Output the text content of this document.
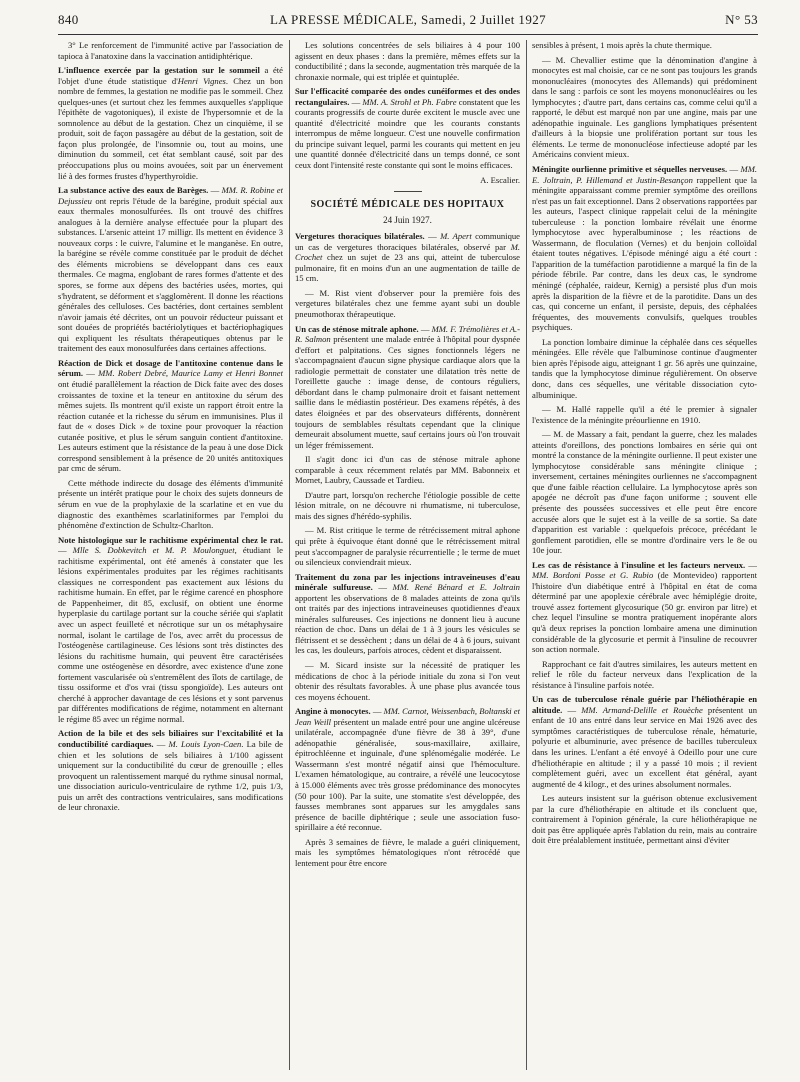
840	LA PRESSE MÉDICALE, Samedi, 2 Juillet 1927	N° 53

3° Le renforcement de l'immunité active par l'association de tapioca à l'anatoxine dans la vaccination antidiphtérique.

L'influence exercée par la gestation sur le sommeil a été l'objet d'une étude statistique d'Henri Vignes. Chez un bon nombre de femmes, la gestation ne modifie pas le sommeil. Chez quelques-unes (et surtout chez les femmes auxquelles s'applique l'épithète de vagotoniques), il existe de l'hypersomnie et de la somnolence au début de la gestation. Chez un cinquième, il se produit, soit de façon passagère au début de la gestation, soit de façon plus prolongée, de l'insomnie ou, tout au moins, une diminution du sommeil, cet état semblant causé, soit par des préoccupations plus ou moins avouées, soit par un énervement lié à des formes frustes d'hyperthyroïdie.

La substance active des eaux de Barèges. — MM. R. Robine et Dejussieu ont repris l'étude de la barégine, produit spécial aux eaux thermales monosulfurées. Ils ont trouvé des chiffres analogues à la dernière analyse effectuée pour la plupart des substances. L'arsenic atteint 17 milligr. Ils mettent en évidence 3 nouveaux corps : le cuivre, l'alumine et le manganèse. En outre, la barégine se révèle comme constituée par le produit de déchet des éléments microbiens se développant dans ces eaux thermales. Ce magma, englobant de rares formes d'attente et des spores, se forme aux dépens des bactéries usées, mortes, qui s'hydratent, se déforment et s'agglomèrent. Il donne les réactions générales des celluloses. Ces bactéries, dont certaines semblent n'avoir jamais été décrites, ont un pouvoir réducteur puissant et sont douées de propriétés bactériolytiques et bactériophagiques qui expliquent les résultats thérapeutiques obtenus par le traitement des eaux monosulfurées dans certaines affections.

Réaction de Dick et dosage de l'antitoxine contenue dans le sérum. — MM. Robert Debré, Maurice Lamy et Henri Bonnet ont étudié parallèlement la réaction de Dick faite avec des doses croissantes de toxine et la teneur en antitoxine du sérum des mêmes sujets. Ils montrent qu'il existe un rapport étroit entre la réaction cutanée et la richesse du sérum en immunisines. Plus il faut de « doses Dick » de toxine pour provoquer la réaction cutanée positive, et plus le sérum sanguin contient d'antitoxine. Les auteurs estiment que la résistance de la peau à une dose Dick correspond sensiblement à la présence de 20 unités antitoxiques par cmc de sérum.

Cette méthode indirecte du dosage des éléments d'immunité présente un intérêt pratique pour le choix des sujets donneurs de sérum en vue de la prophylaxie de la scarlatine et en vue du diagnostic des exanthèmes scarlatiniformes par l'emploi du phénomène d'extinction de Schultz-Charlton.

Note histologique sur le rachitisme expérimental chez le rat. — Mlle S. Dobkevitch et M. P. Moulonguet, étudiant le rachitisme expérimental, ont été amenés à constater que les lésions expérimentales produites par les régimes rachitisants classiques ne correspondent pas exactement aux lésions du rachitisme humain. En effet, par le régime carencé en phosphore de Pappenheimer, dit 85, exclusif, on obtient une énorme hyperplasie du cartilage portant sur la couche sériée qui s'aplatit avec un aspect feuilleté et nécrotique sur un os métaphysaire normal, isolant le cartilage de l'os, avec arrêt du processus de l'ostéogenèse cartilagineuse. Ces lésions sont très distinctes des lésions du rachitisme humain, qui peuvent être caractérisées comme une ostéogenèse en désordre, avec existence d'une zone fortement vascularisée où s'entremêlent des îlots de cartilage, de tissu ossiforme et d'os vrai (tissu spongioïde). Les auteurs ont cherché à approcher davantage de ces lésions et y sont parvenus par différentes modifications de régime, notamment en alternant le régime 85 avec un régime normal.

Action de la bile et des sels biliaires sur l'excitabilité et la conductibilité cardiaques. — M. Louis Lyon-Caen. La bile de chien et les solutions de sels biliaires à 1/100 agissent uniquement sur la conductibilité du cœur de grenouille ; elles provoquent un ralentissement marqué du rythme sinusal normal, une dissociation auriculo-ventriculaire de rythme 1/2, puis 1/3, puis un arrêt des contractions ventriculaires, sans modifications de leur chronaxie.

Les solutions concentrées de sels biliaires à 4 pour 100 agissent en deux phases : dans la première, mêmes effets sur la conductibilité ; dans la seconde, augmentation très marquée de la chronaxie normale, qui est triplée et quintuplée.

Sur l'efficacité comparée des ondes cunéiformes et des ondes rectangulaires. — MM. A. Strohl et Ph. Fabre constatent que les courants progressifs de courte durée excitent le muscle avec une quantité d'électricité moindre que les courants constants interrompus de même longueur. C'est une nouvelle confirmation du principe suivant lequel, parmi les courants qui mettent en jeu une quantité donnée d'électricité dans un temps donné, ce sont ceux dont l'intensité reste constante qui sont le moins efficaces.

A. Escalier.
SOCIÉTÉ MÉDICALE DES HOPITAUX
24 Juin 1927.

Vergetures thoraciques bilatérales. — M. Apert communique un cas de vergetures thoraciques bilatérales, observé par M. Crochet chez un sujet de 23 ans qui, atteint de tuberculose pulmonaire, fit en moins d'un an une augmentation de taille de 15 cm.

— M. Rist vient d'observer pour la première fois des vergetures bilatérales chez une femme ayant subi un double pneumothorax thérapeutique.

Un cas de sténose mitrale aphone. — MM. F. Trémolières et A.-R. Salmon présentent une malade entrée à l'hôpital pour dyspnée d'effort et palpitations. Ces signes fonctionnels légers ne s'accompagnaient d'aucun signe physique cardiaque alors que la radiologie permettait de constater une dilatation très nette de l'oreillette gauche : image dense, de contours réguliers, débordant dans le champ pulmonaire droit et faisant nettement saillie dans le médiastin postérieur. Des examens répétés, à des dates éloignées et par des observateurs différents, donnèrent toujours de semblables résultats cependant que la clinique demeurait absolument muette, sauf certains jours où l'on trouvait un léger frémissement.

Il s'agit donc ici d'un cas de sténose mitrale aphone comparable à ceux récemment relatés par MM. Babonneix et Mornet, Laubry, Caussade et Tardieu.

D'autre part, lorsqu'on recherche l'étiologie possible de cette lésion mitrale, on ne découvre ni rhumatisme, ni tuberculose, mais des signes d'hérédo-syphilis.

— M. Rist critique le terme de rétrécissement mitral aphone qui prête à équivoque étant donné que le rétrécissement mitral peut s'accompagner de paralysie récurrentielle ; le terme de muet ou silencieux conviendrait mieux.

Traitement du zona par les injections intraveineuses d'eau minérale sulfureuse. — MM. René Bénard et E. Joltrain apportent les observations de 8 malades atteints de zona qu'ils ont traités par des injections intraveineuses quotidiennes d'eaux minérales sulfureuses. Ces injections ne donnent lieu à aucune réaction de choc. Dans un délai de 1 à 3 jours les vésicules se flétrissent et se dessèchent ; dans un délai de 4 à 6 jours, suivant les cas, les douleurs, parfois atroces, cèdent et disparaissent.

— M. Sicard insiste sur la nécessité de pratiquer les médications de choc à la période initiale du zona si l'on veut obtenir des résultats favorables. À une phase plus avancée tous ces moyens échouent.

Angine à monocytes. — MM. Carnot, Weissenbach, Boltanski et Jean Weill présentent un malade entré pour une angine ulcéreuse unilatérale, accompagnée d'une fièvre de 38 à 39°, d'une adénopathie généralisée, sous-maxillaire, axillaire, épitrochléenne et inguinale, d'une splénomégalie modérée. Le Wassermann s'est montré négatif ainsi que l'hémoculture. L'examen hématologique, au contraire, a révélé une leucocytose à 15.000 éléments avec très grosse prédominance des monocytes (50 pour 100). Par la suite, une stomatite s'est développée, des fausses membranes sont apparues sur les amygdales sans présence de bacille diphtérique ; seule une association fuso-spirillaire a été reconnue.

Après 3 semaines de fièvre, le malade a guéri cliniquement, mais les symptômes hématologiques n'ont rétrocédé que lentement pour être encore

sensibles à présent, 1 mois après la chute thermique.

— M. Chevallier estime que la dénomination d'angine à monocytes est mal choisie, car ce ne sont pas toujours les grands mononucléaires (monocytes des Allemands) qui prédominent dans le sang : parfois ce sont les moyens mononucléaires ou les lymphocytes ; d'autre part, dans certains cas, comme celui qu'il a rapporté, le début est marqué non par une angine, mais par une adénopathie inguinale. Les ganglions lymphatiques présentent d'ailleurs à la biopsie une prolifération portant sur tous les éléments. Le terme de mononucléose infectieuse adopté par les Américains convient mieux.

Méningite ourlienne primitive et séquelles nerveuses. — MM. E. Joltrain, P. Hillemand et Justin-Besançon rappellent que la méningite apparaissant comme premier symptôme des oreillons n'est pas un fait exceptionnel. Dans 2 observations rapportées par les auteurs, l'aspect clinique rappelait celui de la méningite tuberculeuse : la ponction lombaire révélait une énorme lymphocytose avec hyperalbuminose ; les réactions de Wassermann, de floculation (Vernes) et du benjoin colloïdal étaient toutes négatives. L'épisode méningé aigu a été court : l'apparition de la tuméfaction parotidienne a marqué la fin de la période fébrile. Par contre, dans les deux cas, le syndrome méningé (céphalée, raideur, Kernig) a persisté plus d'un mois après la disparition de la fièvre et de la parotidite. Dans un des cas, qui concerne un enfant, il persiste, depuis, des céphalées fréquentes, des mouvements convulsifs, quelques troubles psychiques.

La ponction lombaire diminue la céphalée dans ces séquelles méningées. Elle révèle que l'albuminose continue d'augmenter bien après l'épisode aigu, atteignant 1 gr. 56 après une quinzaine, tandis que la lymphocytose diminue régulièrement. On observe donc, dans ces séquelles, une véritable dissociation cyto-albuminique.

— M. Hallé rappelle qu'il a été le premier à signaler l'existence de la méningite préourlienne en 1910.

— M. de Massary a fait, pendant la guerre, chez les malades atteints d'oreillons, des ponctions lombaires en série qui ont montré la constance de la méningite ourlienne. Il peut exister une lymphocytose considérable sans méningite clinique ; inversement, certaines méningites ourliennes ne s'accompagnent que d'une faible réaction cellulaire. La lymphocytose après son apogée ne décroît pas d'une façon uniforme ; souvent elle présente des poussées successives et elle peut être encore accusée alors que le sujet est à la veille de sa sortie. Sa date d'apparition est variable : quelquefois précoce, précédant le gonflement parotidien, elle se montre d'ordinaire vers le 8e ou 10e jour.

Les cas de résistance à l'insuline et les facteurs nerveux. — MM. Bordoni Posse et G. Rubio (de Montevideo) rapportent l'histoire d'un diabétique entré à l'hôpital en état de coma déterminé par une apoplexie cérébrale avec hémiplégie droite, trouvé assez fortement glycosurique (50 gr. environ par litre) et chez lequel l'insuline se montra pratiquement inopérante alors qu'à deux reprises la ponction lombaire amena une diminution considérable de la glycosurie et permit à l'insuline de recouvrer son action normale.

Rapprochant ce fait d'autres similaires, les auteurs mettent en relief le rôle du facteur nerveux dans l'explication de la résistance à l'insuline parfois notée.

Un cas de tuberculose rénale guérie par l'héliothérapie en altitude. — MM. Armand-Delille et Rouèche présentent un enfant de 10 ans entré dans leur service en Mai 1926 avec des symptômes caractéristiques de tuberculose rénale, hématurie, polyurie et albuminurie, avec présence de bacilles tuberculeux dans les urines. L'enfant a été envoyé à Odeillo pour une cure d'héliothérapie en altitude ; il y a passé 10 mois ; il revient complètement guéri, avec un excellent état général, ayant augmenté de 4 kilogr., et des urines absolument normales.

Les auteurs insistent sur la guérison obtenue exclusivement par la cure d'héliothérapie en altitude et ils concluent que, contrairement à l'opinion générale, la cure héliothérapique ne doit pas être appliquée après l'ablation du rein, mais au contraire doit être préalablement instituée, permettant ainsi d'éviter
